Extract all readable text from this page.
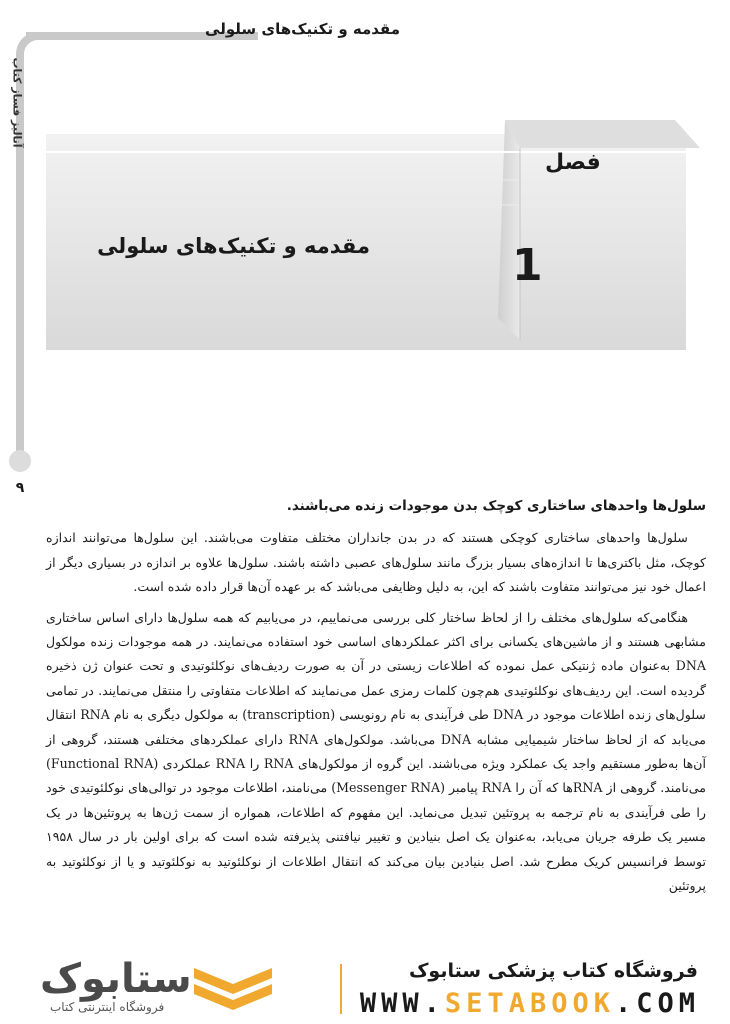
مقدمه و تکنیک‌های سلولی
آنالیز فساز کتاب
۹
فصل
1
مقدمه و تکنیک‌های سلولی
سلول‌ها واحدهای ساختاری کوچک بدن موجودات زنده می‌باشند.

سلول‌ها واحدهای ساختاری کوچکی هستند که در بدن جانداران مختلف متفاوت می‌باشند. این سلول‌ها می‌توانند اندازه کوچک، مثل باکتری‌ها تا اندازه‌های بسیار بزرگ مانند سلول‌های عصبی داشته باشند. سلول‌ها علاوه بر اندازه در بسیاری دیگر از اعمال خود نیز می‌توانند متفاوت باشند که این، به دلیل وظایفی می‌باشد که بر عهده آن‌ها قرار داده شده است.

هنگامی‌که سلول‌های مختلف را از لحاظ ساختار کلی بررسی می‌نماییم، در می‌یابیم که همه سلول‌ها دارای اساس ساختاری مشابهی هستند و از ماشین‌های یکسانی برای اکثر عملکردهای اساسی خود استفاده می‌نمایند. در همه موجودات زنده مولکول DNA به‌عنوان ماده ژنتیکی عمل نموده که اطلاعات زیستی در آن به صورت ردیف‌های نوکلئوتیدی و تحت عنوان ژن ذخیره گردیده است. این ردیف‌های نوکلئوتیدی هم‌چون کلمات رمزی عمل می‌نمایند که اطلاعات متفاوتی را منتقل می‌نمایند. در تمامی سلول‌های زنده اطلاعات موجود در DNA طی فرآیندی به نام رونویسی (transcription) به مولکول دیگری به نام RNA انتقال می‌یابد که از لحاظ ساختار شیمیایی مشابه DNA می‌باشد. مولکول‌های RNA دارای عملکردهای مختلفی هستند، گروهی از آن‌ها به‌طور مستقیم واجد یک عملکرد ویژه می‌باشند. این گروه از مولکول‌های RNA را RNA عملکردی (Functional RNA) می‌نامند. گروهی از RNAها که آن را RNA پیامبر (Messenger RNA) می‌نامند، اطلاعات موجود در توالی‌های نوکلئوتیدی خود را طی فرآیندی به نام ترجمه به پروتئین تبدیل می‌نماید. این مفهوم که اطلاعات، همواره از سمت ژن‌ها به پروتئین‌ها در یک مسیر یک طرفه جریان می‌یابد، به‌عنوان یک اصل بنیادین و تغییر نیافتنی پذیرفته شده است که برای اولین بار در سال ۱۹۵۸ توسط فرانسیس کریک مطرح شد. اصل بنیادین بیان می‌کند که انتقال اطلاعات از نوکلئوتید به نوکلئوتید و یا از نوکلئوتید به پروتئین

فروشگاه کتاب پزشکی ستابوک
WWW.SETABOOK.COM
ستابوک
فروشگاه اینترنتی کتاب
